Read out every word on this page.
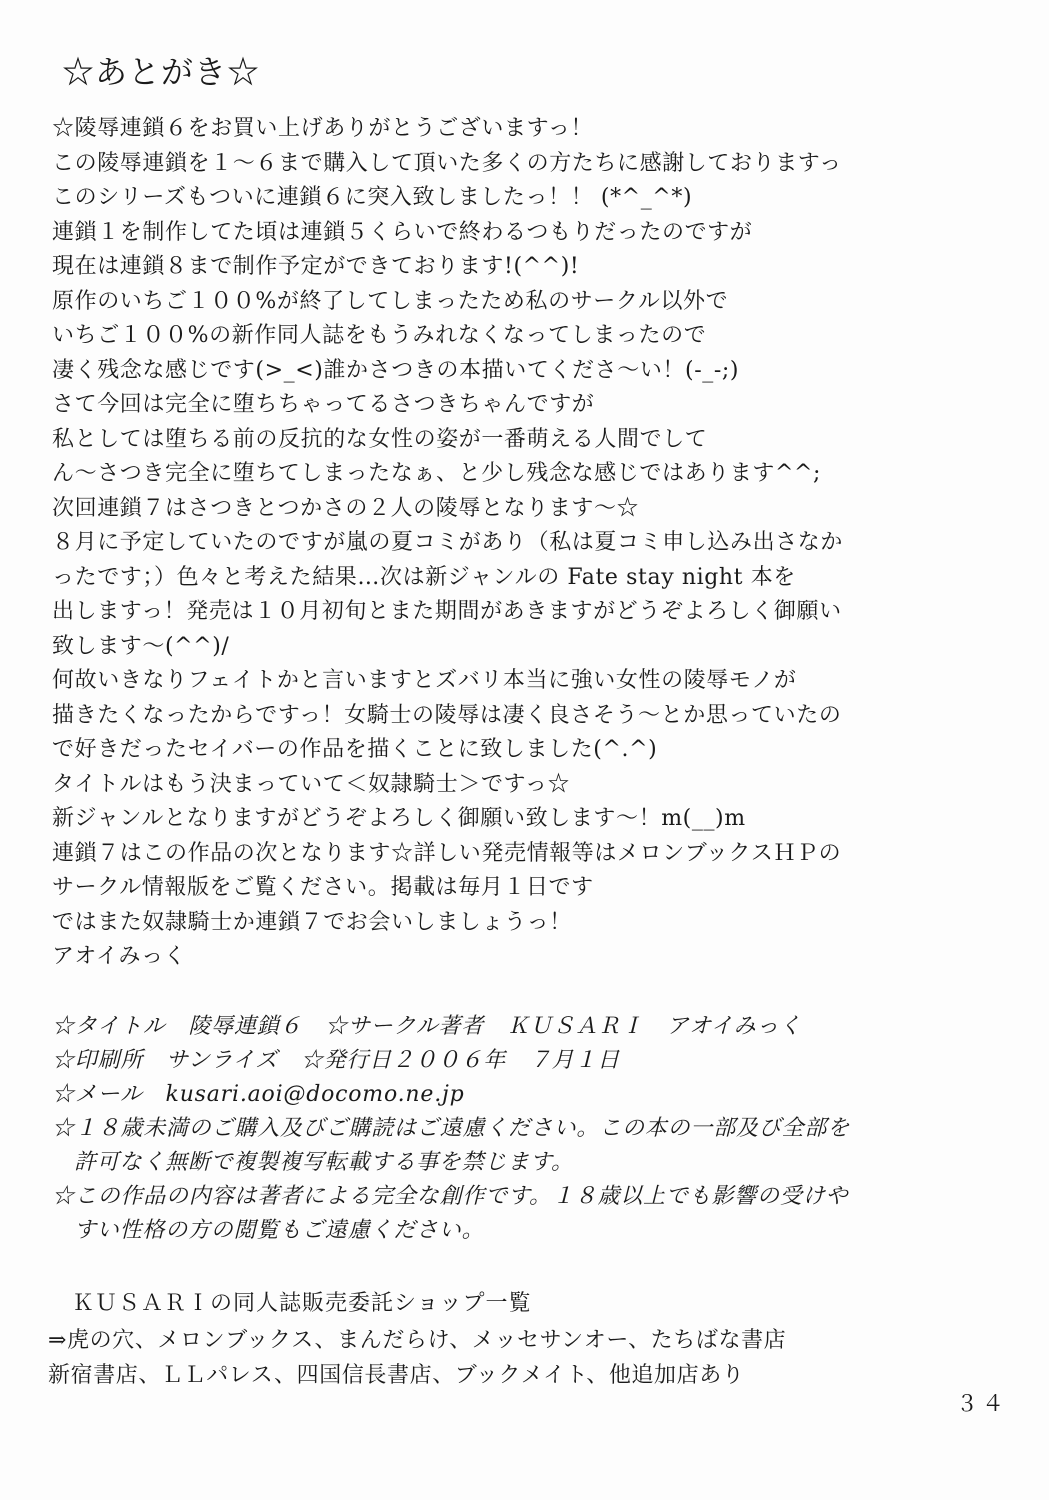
☆あとがき☆
☆陵辱連鎖６をお買い上げありがとうございますっ！
この陵辱連鎖を１～６まで購入して頂いた多くの方たちに感謝しておりますっ
このシリーズもついに連鎖６に突入致しましたっ！！ (*^_^*)
連鎖１を制作してた頃は連鎖５くらいで終わるつもりだったのですが
現在は連鎖８まで制作予定ができております!(^^)!
原作のいちご１００%が終了してしまったため私のサークル以外で
いちご１００%の新作同人誌をもうみれなくなってしまったので
凄く残念な感じです(>_<)誰かさつきの本描いてくださ～い！(-_-;)
さて今回は完全に堕ちちゃってるさつきちゃんですが
私としては堕ちる前の反抗的な女性の姿が一番萌える人間でして
ん～さつき完全に堕ちてしまったなぁ、と少し残念な感じではあります^^;
次回連鎖７はさつきとつかさの２人の陵辱となります～☆
８月に予定していたのですが嵐の夏コミがあり（私は夏コミ申し込み出さなか
ったです；）色々と考えた結果…次は新ジャンルの Fate stay night 本を
出しますっ！発売は１０月初旬とまた期間があきますがどうぞよろしく御願い
致します～(^^)/
何故いきなりフェイトかと言いますとズバリ本当に強い女性の陵辱モノが
描きたくなったからですっ！女騎士の陵辱は凄く良さそう～とか思っていたの
で好きだったセイバーの作品を描くことに致しました(^.^)
タイトルはもう決まっていて＜奴隷騎士＞ですっ☆
新ジャンルとなりますがどうぞよろしく御願い致します～！m(__)m
連鎖７はこの作品の次となります☆詳しい発売情報等はメロンブックスＨＰの
サークル情報版をご覧ください。掲載は毎月１日です
ではまた奴隷騎士か連鎖７でお会いしましょうっ！
アオイみっく
☆タイトル　陵辱連鎖６　☆サークル著者　ＫＵＳＡＲＩ　アオイみっく
☆印刷所　サンライズ　☆発行日２００６年　７月１日
☆メール　kusari.aoi@docomo.ne.jp
☆１８歳未満のご購入及びご購読はご遠慮ください。この本の一部及び全部を
許可なく無断で複製複写転載する事を禁じます。
☆この作品の内容は著者による完全な創作です。１８歳以上でも影響の受けや
すい性格の方の閲覧もご遠慮ください。
ＫＵＳＡＲＩの同人誌販売委託ショップ一覧
⇒虎の穴、メロンブックス、まんだらけ、メッセサンオー、たちばな書店
新宿書店、ＬＬパレス、四国信長書店、ブックメイト、他追加店あり
３４
